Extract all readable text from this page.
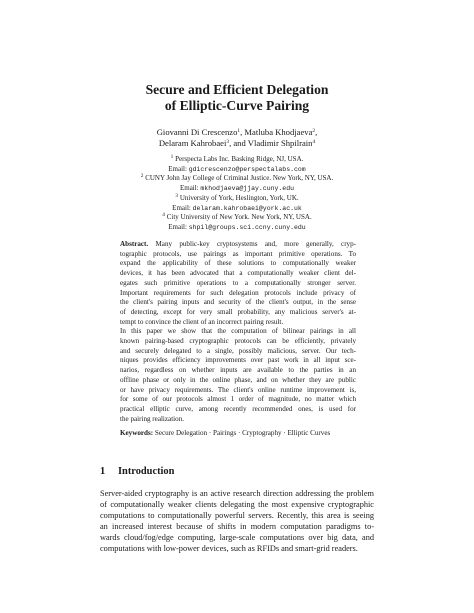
Secure and Efficient Delegation
of Elliptic-Curve Pairing
Giovanni Di Crescenzo$^1$, Matluba Khodjaeva$^2$,
Delaram Kahrobaei$^3$, and Vladimir Shpilrain$^4$
$^1$ Perspecta Labs Inc. Basking Ridge, NJ, USA.
Email: gdicrescenzo@perspectalabs.com
$^2$ CUNY John Jay College of Criminal Justice. New York, NY, USA.
Email: mkhodjaeva@jjay.cuny.edu
$^3$ University of York, Heslington, York, UK.
Email: delaram.kahrobaei@york.ac.uk
$^4$ City University of New York. New York, NY, USA.
Email: shpil@groups.sci.ccny.cuny.edu
Abstract. Many public-key cryptosystems and, more generally, cryp-
tographic protocols, use pairings as important primitive operations. To
expand the applicability of these solutions to computationally weaker
devices, it has been advocated that a computationally weaker client del-
egates such primitive operations to a computationally stronger server.
Important requirements for such delegation protocols include privacy of
the client's pairing inputs and security of the client's output, in the sense
of detecting, except for very small probability, any malicious server's at-
tempt to convince the client of an incorrect pairing result.
In this paper we show that the computation of bilinear pairings in all
known pairing-based cryptographic protocols can be efficiently, privately
and securely delegated to a single, possibly malicious, server. Our tech-
niques provides efficiency improvements over past work in all input sce-
narios, regardless on whether inputs are available to the parties in an
offline phase or only in the online phase, and on whether they are public
or have privacy requirements. The client's online runtime improvement is,
for some of our protocols almost 1 order of magnitude, no matter which
practical elliptic curve, among recently recommended ones, is used for
the pairing realization.
Keywords: Secure Delegation · Pairings · Cryptography · Elliptic Curves
1 Introduction
Server-aided cryptography is an active research direction addressing the problem
of computationally weaker clients delegating the most expensive cryptographic
computations to computationally powerful servers. Recently, this area is seeing
an increased interest because of shifts in modern computation paradigms to-
wards cloud/fog/edge computing, large-scale computations over big data, and
computations with low-power devices, such as RFIDs and smart-grid readers.
